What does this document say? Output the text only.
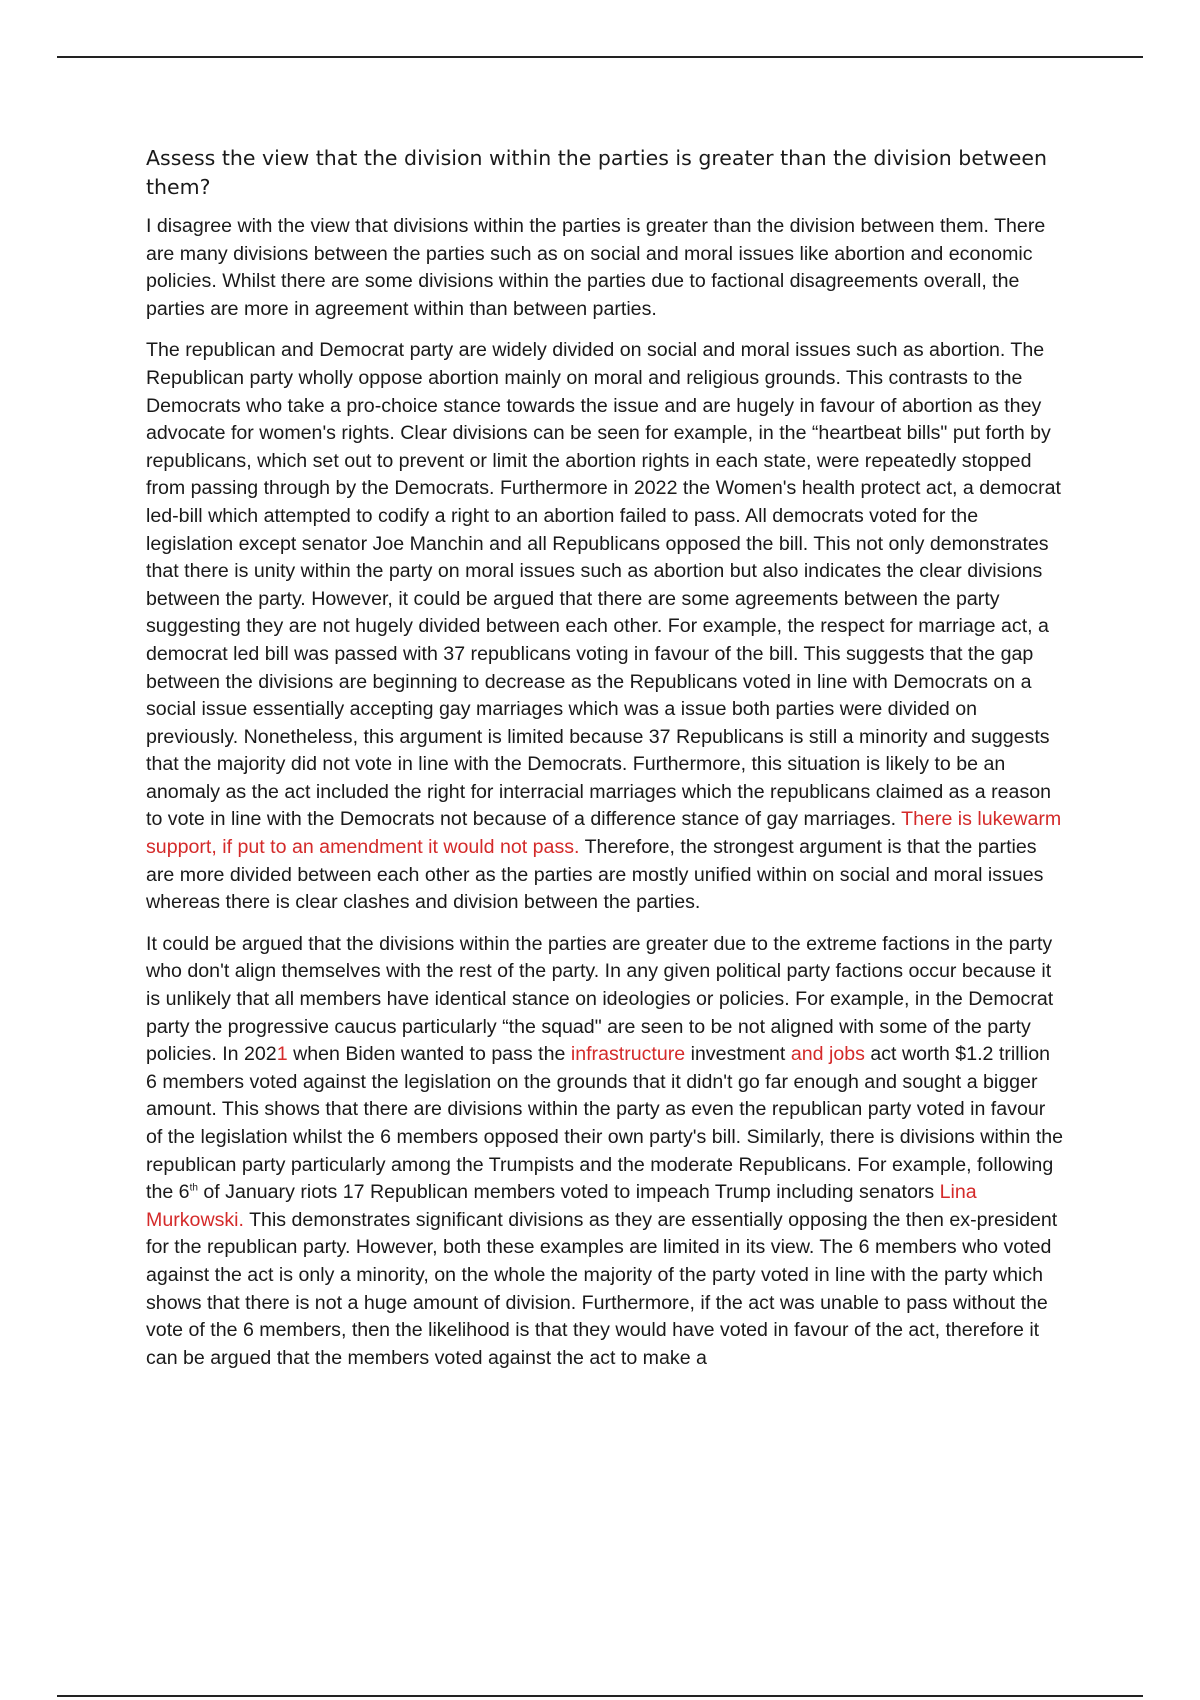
Assess the view that the division within the parties is greater than the division between them?

I disagree with the view that divisions within the parties is greater than the division between them. There are many divisions between the parties such as on social and moral issues like abortion and economic policies. Whilst there are some divisions within the parties due to factional disagreements overall, the parties are more in agreement within than between parties.

The republican and Democrat party are widely divided on social and moral issues such as abortion. The Republican party wholly oppose abortion mainly on moral and religious grounds. This contrasts to the Democrats who take a pro-choice stance towards the issue and are hugely in favour of abortion as they advocate for women's rights. Clear divisions can be seen for example, in the “heartbeat bills" put forth by republicans, which set out to prevent or limit the abortion rights in each state, were repeatedly stopped from passing through by the Democrats. Furthermore in 2022 the Women's health protect act, a democrat led-bill which attempted to codify a right to an abortion failed to pass. All democrats voted for the legislation except senator Joe Manchin and all Republicans opposed the bill. This not only demonstrates that there is unity within the party on moral issues such as abortion but also indicates the clear divisions between the party. However, it could be argued that there are some agreements between the party suggesting they are not hugely divided between each other. For example, the respect for marriage act, a democrat led bill was passed with 37 republicans voting in favour of the bill. This suggests that the gap between the divisions are beginning to decrease as the Republicans voted in line with Democrats on a social issue essentially accepting gay marriages which was a issue both parties were divided on previously. Nonetheless, this argument is limited because 37 Republicans is still a minority and suggests that the majority did not vote in line with the Democrats. Furthermore, this situation is likely to be an anomaly as the act included the right for interracial marriages which the republicans claimed as a reason to vote in line with the Democrats not because of a difference stance of gay marriages. There is lukewarm support, if put to an amendment it would not pass. Therefore, the strongest argument is that the parties are more divided between each other as the parties are mostly unified within on social and moral issues whereas there is clear clashes and division between the parties.

It could be argued that the divisions within the parties are greater due to the extreme factions in the party who don't align themselves with the rest of the party. In any given political party factions occur because it is unlikely that all members have identical stance on ideologies or policies. For example, in the Democrat party the progressive caucus particularly “the squad" are seen to be not aligned with some of the party policies. In 2021 when Biden wanted to pass the infrastructure investment and jobs act worth $1.2 trillion 6 members voted against the legislation on the grounds that it didn't go far enough and sought a bigger amount. This shows that there are divisions within the party as even the republican party voted in favour of the legislation whilst the 6 members opposed their own party's bill. Similarly, there is divisions within the republican party particularly among the Trumpists and the moderate Republicans. For example, following the 6th of January riots 17 Republican members voted to impeach Trump including senators Lina Murkowski. This demonstrates significant divisions as they are essentially opposing the then ex-president for the republican party. However, both these examples are limited in its view. The 6 members who voted against the act is only a minority, on the whole the majority of the party voted in line with the party which shows that there is not a huge amount of division. Furthermore, if the act was unable to pass without the vote of the 6 members, then the likelihood is that they would have voted in favour of the act, therefore it can be argued that the members voted against the act to make a
